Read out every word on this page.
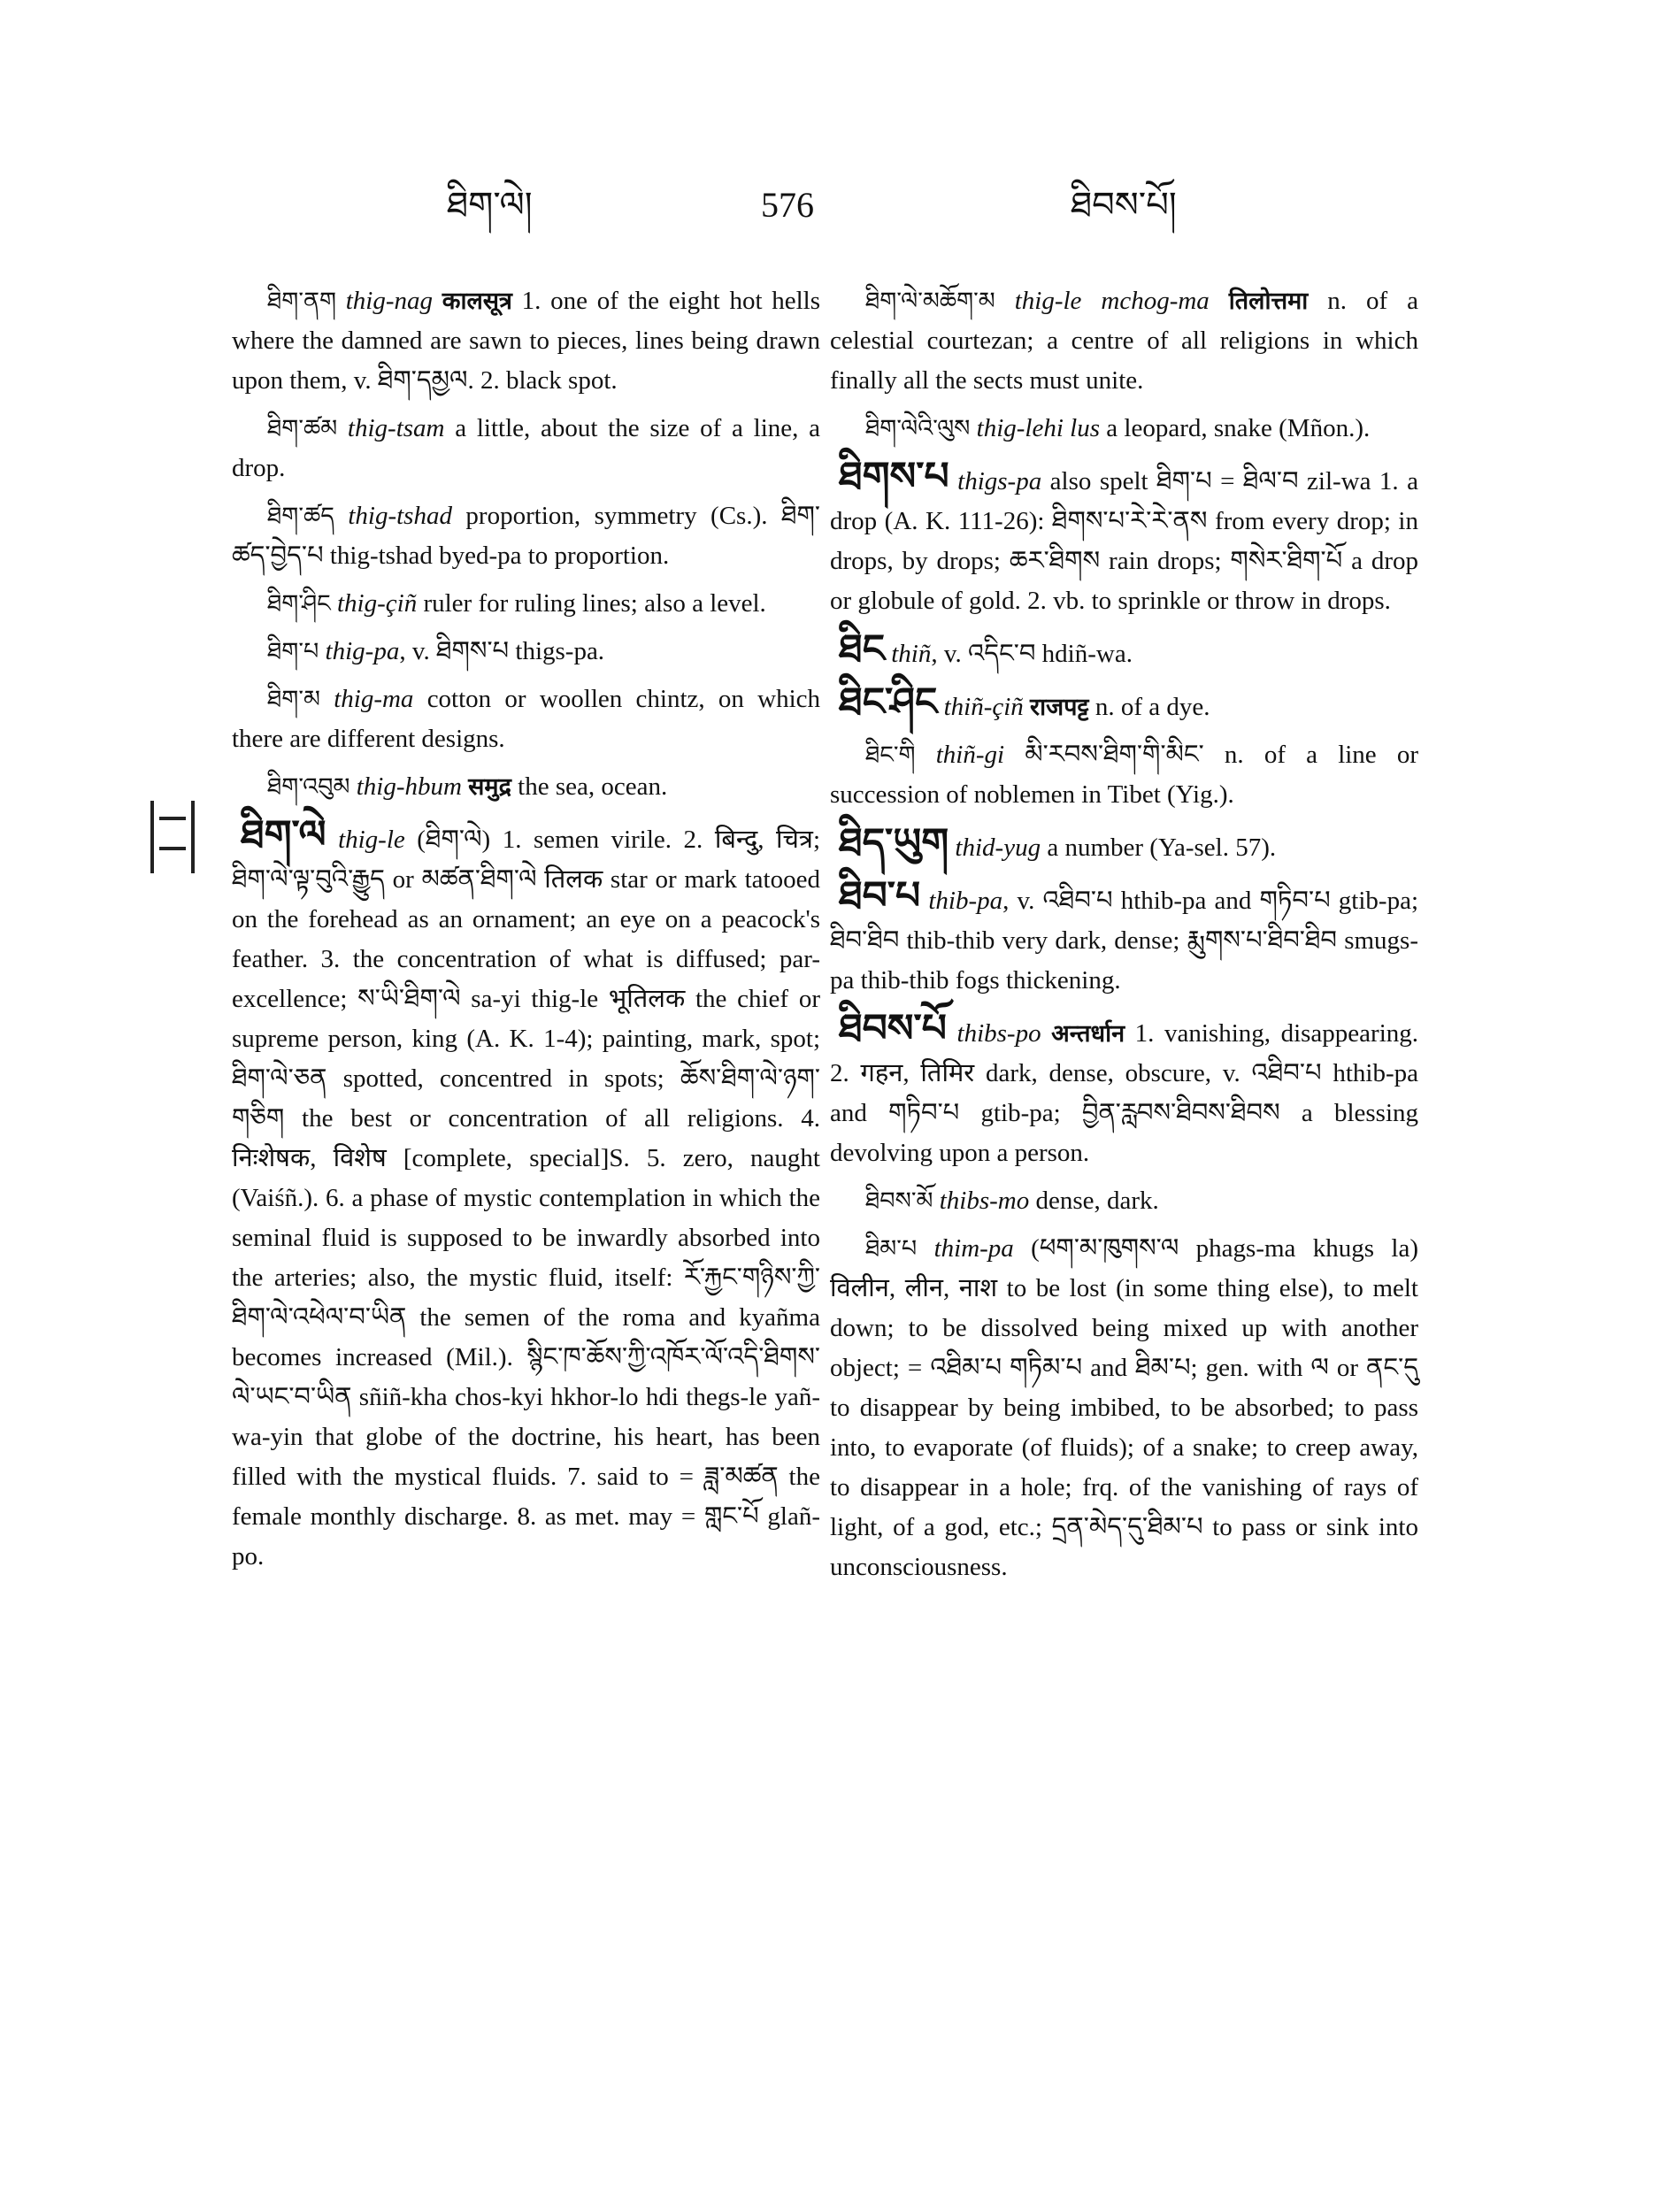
ཐིག་ལེ།	576	ཐིབས་པོ།

ཐིག་ནག thig-nag कालसूत्र 1. one of the eight hot hells where the damned are sawn to pieces, lines being drawn upon them, v. ཐིག་དམྱལ. 2. black spot.

ཐིག་ཚམ thig-tsam a little, about the size of a line, a drop.

ཐིག་ཚད thig-tshad proportion, symmetry (Cs.). ཐིག་ཚད་བྱེད་པ thig-tshad byed-pa to proportion.

ཐིག་ཤིང thig-çiñ ruler for ruling lines; also a level.

ཐིག་པ thig-pa, v. ཐིགས་པ thigs-pa.

ཐིག་མ thig-ma cotton or woollen chintz, on which there are different designs.

ཐིག་འབུམ thig-hbum समुद्र the sea, ocean.

ཐིག་ལེ thig-le (ཐིག་ལེ) 1. semen virile. 2. बिन्दु, चित्र; ཐིག་ལེ་ལྟ་བུའི་རྒྱུད or མཚན་ཐིག་ལེ तिलक star or mark tatooed on the forehead as an ornament; an eye on a peacock's feather. 3. the concentration of what is diffused; par-excellence; ས་ཡི་ཐིག་ལེ sa-yi thig-le भूतिलक the chief or supreme person, king (A. K. 1-4); painting, mark, spot; ཐིག་ལེ་ཅན spotted, concentred in spots; ཆོས་ཐིག་ལེ་ཉག་གཅིག the best or concentration of all religions. 4. निःशेषक, विशेष [complete, special]S. 5. zero, naught (Vaiśñ.). 6. a phase of mystic contemplation in which the seminal fluid is supposed to be inwardly absorbed into the arteries; also, the mystic fluid, itself: རོ་རྐྱང་གཉིས་ཀྱི་ཐིག་ལེ་འཕེལ་བ་ཡིན the semen of the roma and kyañma becomes increased (Mil.). སྙིང་ཁ་ཆོས་ཀྱི་འཁོར་ལོ་འདི་ཐིགས་ལེ་ཡང་བ་ཡིན sñiñ-kha chos-kyi hkhor-lo hdi thegs-le yañ-wa-yin that globe of the doctrine, his heart, has been filled with the mystical fluids. 7. said to = ཟླ་མཚན the female monthly discharge. 8. as met. may = གླང་པོ glañ-po.

ཐིག་ལེ་མཆོག་མ thig-le mchog-ma तिलोत्तमा n. of a celestial courtezan; a centre of all religions in which finally all the sects must unite.

ཐིག་ལེའི་ལུས thig-lehi lus a leopard, snake (Mñon.).

ཐིགས་པ thigs-pa also spelt ཐིག་པ = ཐིལ་བ zil-wa 1. a drop (A. K. 111-26): ཐིགས་པ་རེ་རེ་ནས from every drop; in drops, by drops; ཆར་ཐིགས rain drops; གསེར་ཐིག་པོ a drop or globule of gold. 2. vb. to sprinkle or throw in drops.

ཐིང thiñ, v. འདིང་བ hdiñ-wa.

ཐིང་ཤིང thiñ-çiñ राजपट्ट n. of a dye.

ཐིང་གི thiñ-gi མི་རབས་ཐིག་གི་མིང་ n. of a line or succession of noblemen in Tibet (Yig.).

ཐིད་ཡུག thid-yug a number (Ya-sel. 57).

ཐིབ་པ thib-pa, v. འཐིབ་པ hthib-pa and གཏིབ་པ gtib-pa; ཐིབ་ཐིབ thib-thib very dark, dense; རྨུགས་པ་ཐིབ་ཐིབ smugs-pa thib-thib fogs thickening.

ཐིབས་པོ thibs-po अन्तर्धान 1. vanishing, disappearing. 2. गहन, तिमिर dark, dense, obscure, v. འཐིབ་པ hthib-pa and གཏིབ་པ gtib-pa; བྱིན་རླབས་ཐིབས་ཐིབས a blessing devolving upon a person.

ཐིབས་མོ thibs-mo dense, dark.

ཐིམ་པ thim-pa (ཕག་མ་ཁུགས་ལ phags-ma khugs la) विलीन, लीन, नाश to be lost (in some thing else), to melt down; to be dissolved being mixed up with another object; = འཐིམ་པ གཏིམ་པ and ཐིམ་པ; gen. with ལ or ནང་དུ to disappear by being imbibed, to be absorbed; to pass into, to evaporate (of fluids); of a snake; to creep away, to disappear in a hole; frq. of the vanishing of rays of light, of a god, etc.; དྲན་མེད་དུ་ཐིམ་པ to pass or sink into unconsciousness.
